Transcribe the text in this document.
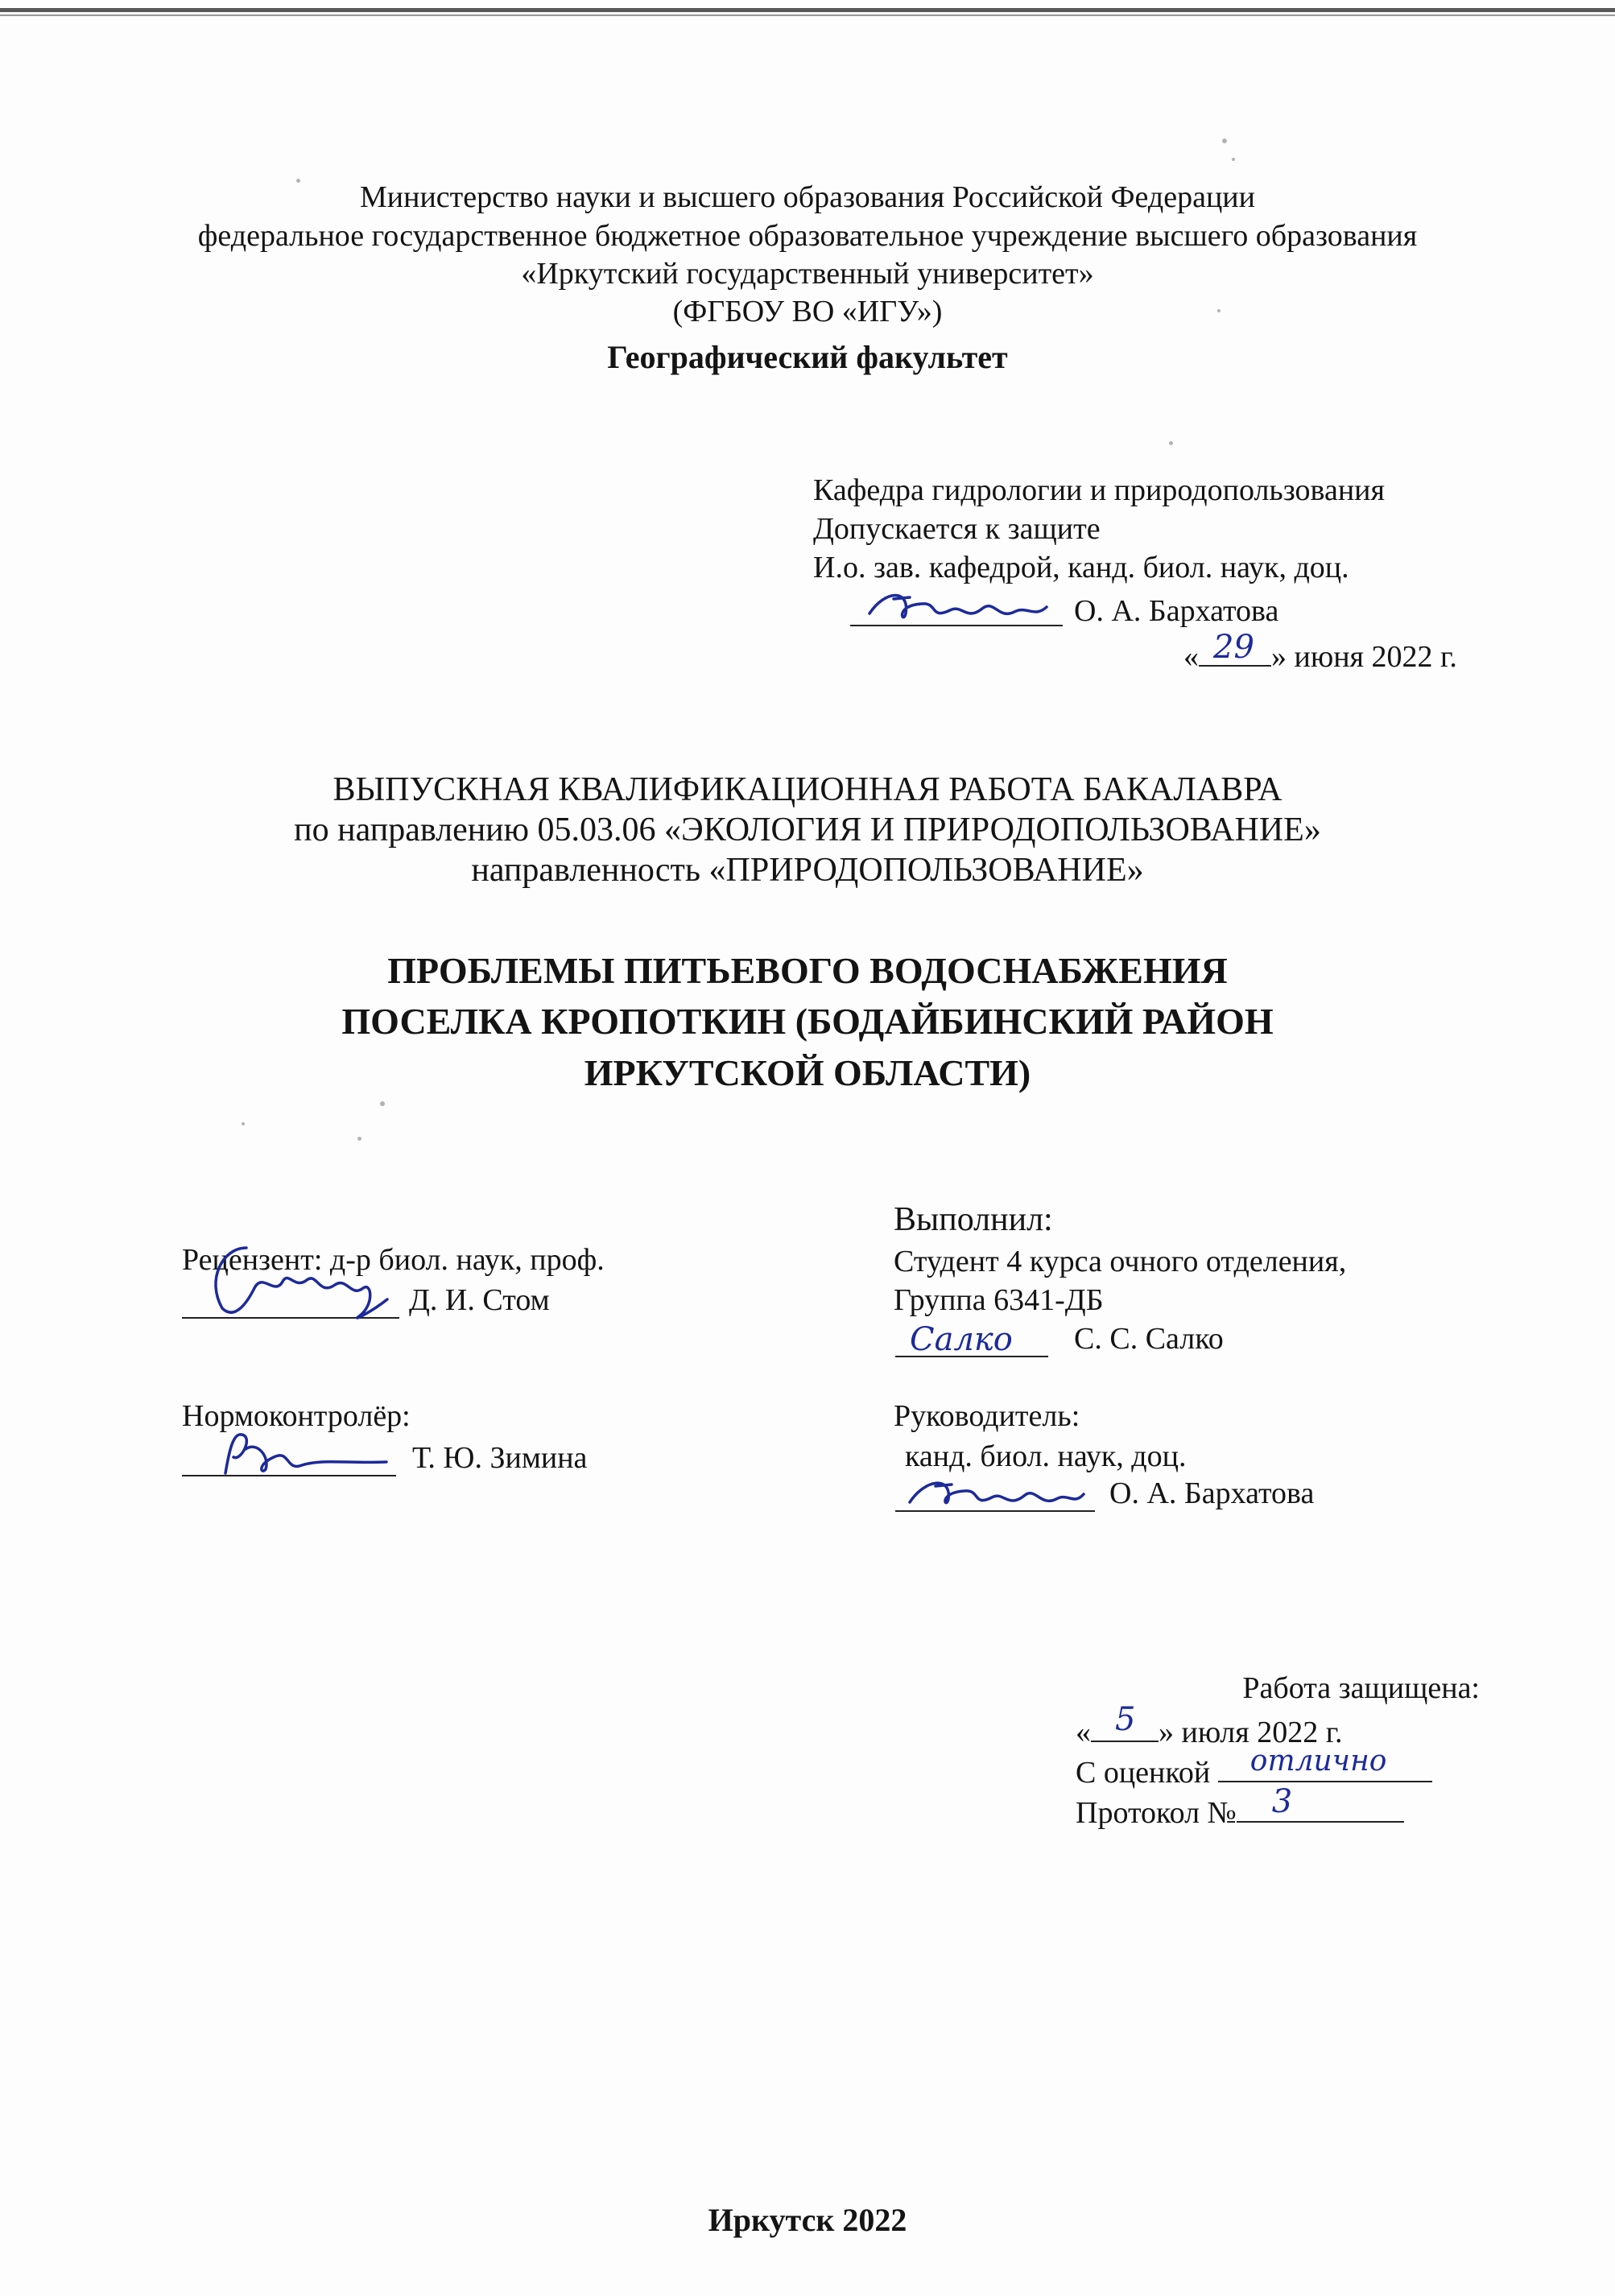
Министерство науки и высшего образования Российской Федерации
федеральное государственное бюджетное образовательное учреждение высшего образования
«Иркутский государственный университет»
(ФГБОУ ВО «ИГУ»)
Географический факультет
Кафедра гидрологии и природопользования
Допускается к защите
И.о. зав. кафедрой, канд. биол. наук, доц.
О. А. Бархатова
« 29 » июня 2022 г.
ВЫПУСКНАЯ КВАЛИФИКАЦИОННАЯ РАБОТА БАКАЛАВРА
по направлению 05.03.06 «ЭКОЛОГИЯ И ПРИРОДОПОЛЬЗОВАНИЕ»
направленность «ПРИРОДОПОЛЬЗОВАНИЕ»
ПРОБЛЕМЫ ПИТЬЕВОГО ВОДОСНАБЖЕНИЯ
ПОСЕЛКА КРОПОТКИН (БОДАЙБИНСКИЙ РАЙОН
ИРКУТСКОЙ ОБЛАСТИ)
Рецензент: д-р биол. наук, проф.
Д. И. Стом
Нормоконтролёр:
Т. Ю. Зимина
Выполнил:
Студент 4 курса очного отделения,
Группа 6341-ДБ
Салко С. С. Салко
Руководитель:
канд. биол. наук, доц.
О. А. Бархатова
Работа защищена:
« 5 » июля 2022 г.
С оценкой отлично
Протокол № 3
Иркутск 2022
